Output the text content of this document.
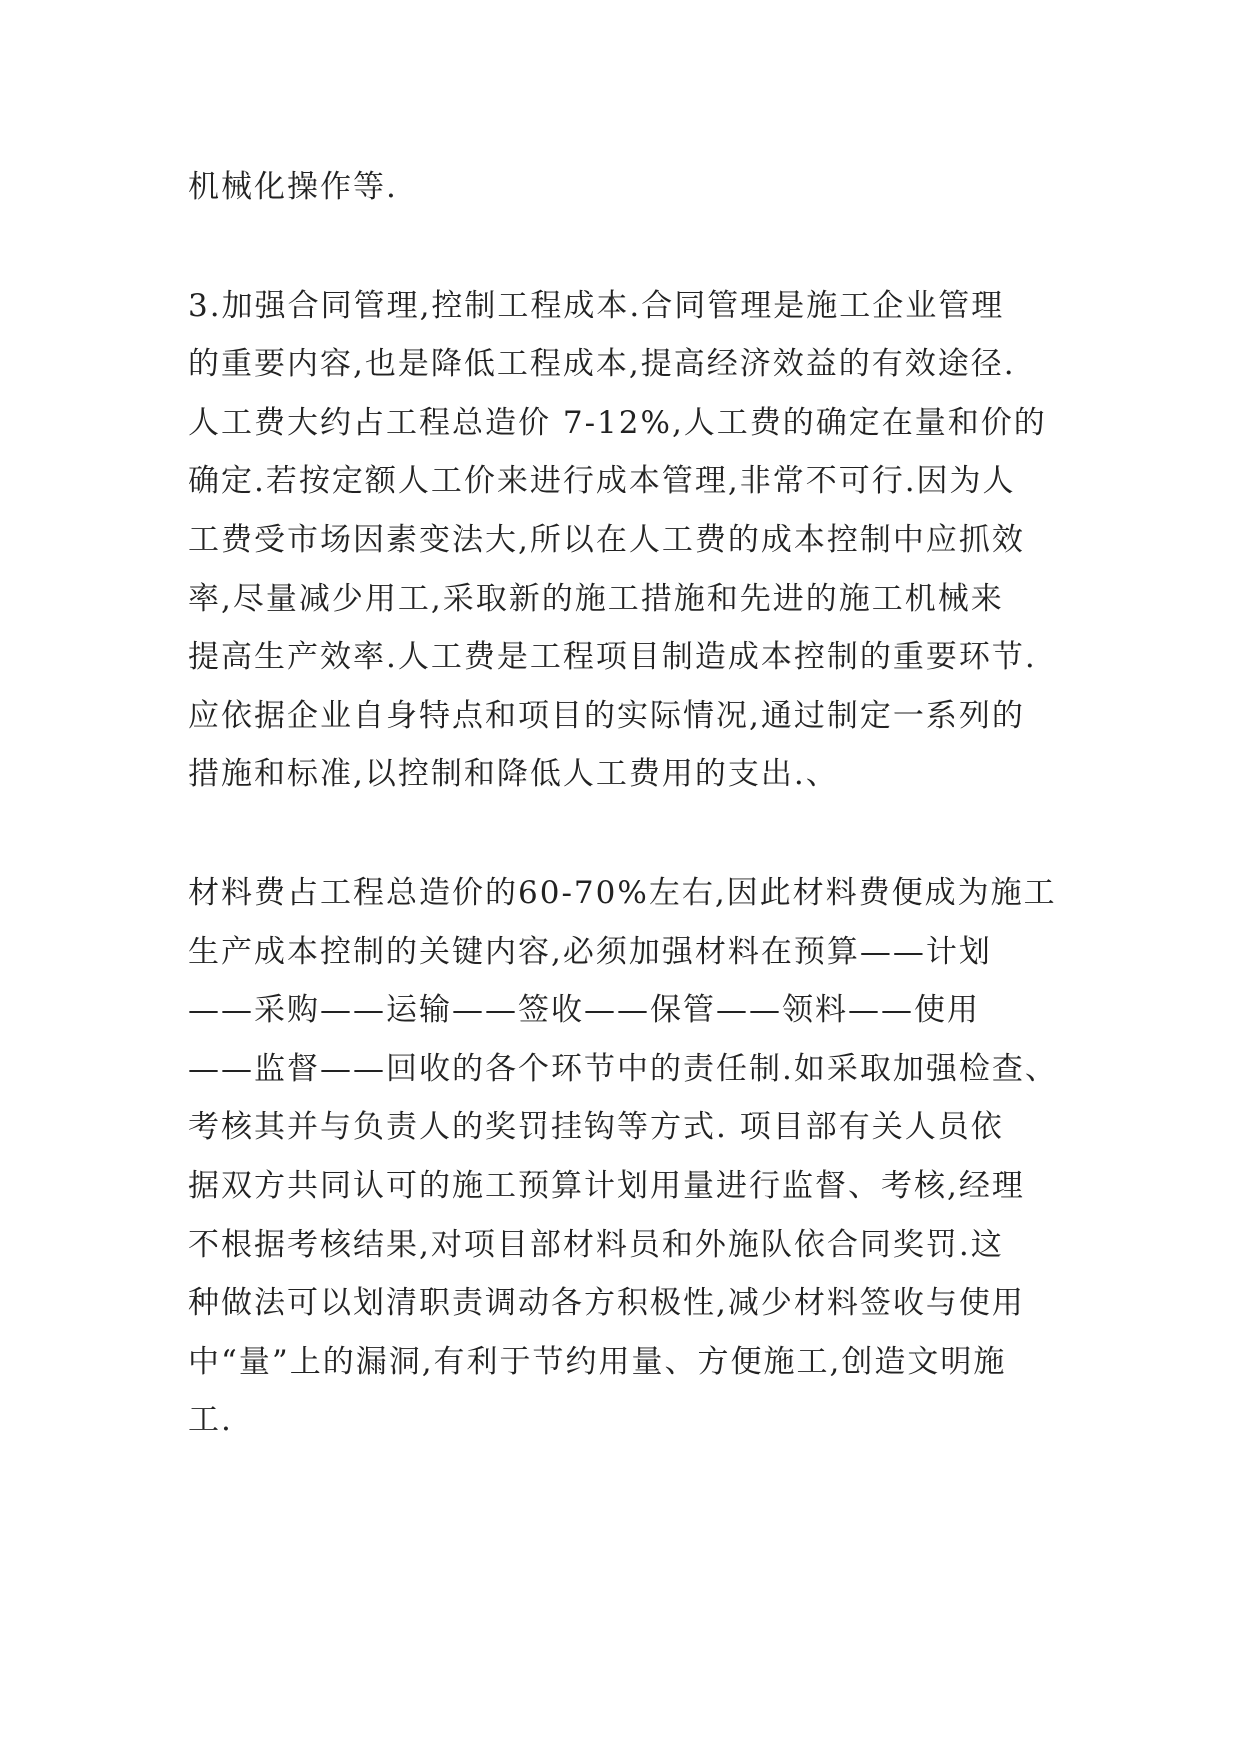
机械化操作等.
3.加强合同管理,控制工程成本.合同管理是施工企业管理
的重要内容,也是降低工程成本,提高经济效益的有效途径.
人工费大约占工程总造价 7-12%,人工费的确定在量和价的
确定.若按定额人工价来进行成本管理,非常不可行.因为人
工费受市场因素变法大,所以在人工费的成本控制中应抓效
率,尽量减少用工,采取新的施工措施和先进的施工机械来
提高生产效率.人工费是工程项目制造成本控制的重要环节.
应依据企业自身特点和项目的实际情况,通过制定一系列的
措施和标准,以控制和降低人工费用的支出.、
材料费占工程总造价的60-70%左右,因此材料费便成为施工
生产成本控制的关键内容,必须加强材料在预算——计划
——采购——运输——签收——保管——领料——使用
——监督——回收的各个环节中的责任制.如采取加强检查、
考核其并与负责人的奖罚挂钩等方式. 项目部有关人员依
据双方共同认可的施工预算计划用量进行监督、考核,经理
不根据考核结果,对项目部材料员和外施队依合同奖罚.这
种做法可以划清职责调动各方积极性,减少材料签收与使用
中“量”上的漏洞,有利于节约用量、方便施工,创造文明施
工.
